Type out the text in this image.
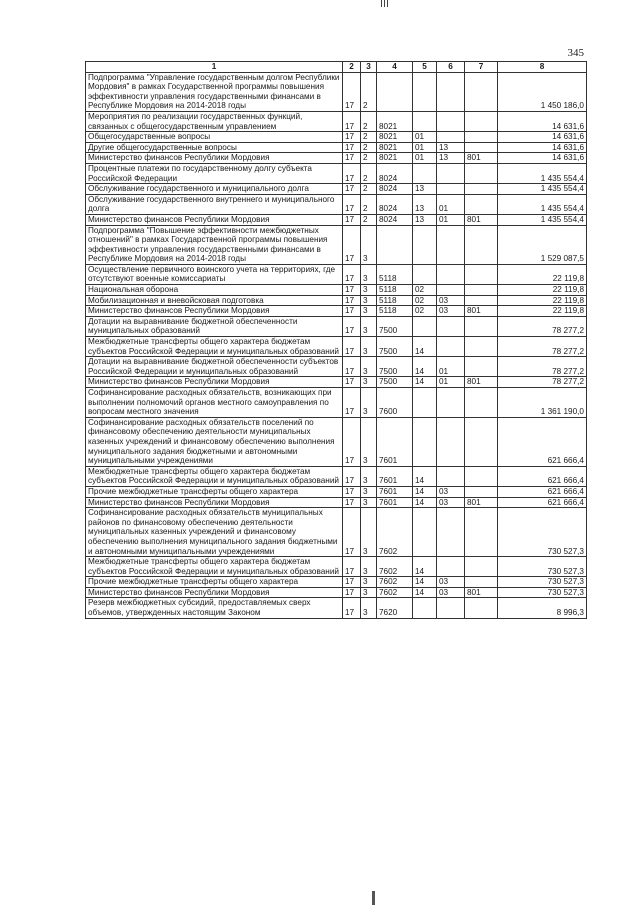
345
1	2	3	4	5	6	7	8
Подпрограмма "Управление государственным долгом Республики Мордовия" в рамках Государственной программы повышения эффективности управления государственными финансами в Республике Мордовия на 2014-2018 годы	17	2					1 450 186,0
Мероприятия по реализации государственных функций, связанных с общегосударственным управлением	17	2	8021				14 631,6
Общегосударственные вопросы	17	2	8021	01			14 631,6
Другие общегосударственные вопросы	17	2	8021	01	13		14 631,6
Министерство финансов Республики Мордовия	17	2	8021	01	13	801	14 631,6
Процентные платежи по государственному долгу субъекта Российской Федерации	17	2	8024				1 435 554,4
Обслуживание государственного и муниципального долга	17	2	8024	13			1 435 554,4
Обслуживание государственного внутреннего и муниципального долга	17	2	8024	13	01		1 435 554,4
Министерство финансов Республики Мордовия	17	2	8024	13	01	801	1 435 554,4
Подпрограмма "Повышение эффективности межбюджетных отношений" в рамках Государственной программы повышения эффективности управления государственными финансами в Республике Мордовия на 2014-2018 годы	17	3					1 529 087,5
Осуществление первичного воинского учета на территориях, где отсутствуют военные комиссариаты	17	3	5118				22 119,8
Национальная оборона	17	3	5118	02			22 119,8
Мобилизационная и вневойсковая подготовка	17	3	5118	02	03		22 119,8
Министерство финансов Республики Мордовия	17	3	5118	02	03	801	22 119,8
Дотации на выравнивание бюджетной обеспеченности муниципальных образований	17	3	7500				78 277,2
Межбюджетные трансферты общего характера бюджетам субъектов Российской Федерации и муниципальных образований	17	3	7500	14			78 277,2
Дотации на выравнивание бюджетной обеспеченности субъектов Российской Федерации и муниципальных образований	17	3	7500	14	01		78 277,2
Министерство финансов Республики Мордовия	17	3	7500	14	01	801	78 277,2
Софинансирование расходных обязательств, возникающих при выполнении полномочий органов местного самоуправления по вопросам местного значения	17	3	7600				1 361 190,0
Софинансирование расходных обязательств поселений по финансовому обеспечению деятельности муниципальных казенных учреждений и финансовому обеспечению выполнения муниципального задания бюджетными и автономными муниципальными учреждениями	17	3	7601				621 666,4
Межбюджетные трансферты общего характера бюджетам субъектов Российской Федерации и муниципальных образований	17	3	7601	14			621 666,4
Прочие межбюджетные трансферты общего характера	17	3	7601	14	03		621 666,4
Министерство финансов Республики Мордовия	17	3	7601	14	03	801	621 666,4
Софинансирование расходных обязательств муниципальных районов по финансовому обеспечению деятельности муниципальных казенных учреждений и финансовому обеспечению выполнения муниципального задания бюджетными и автономными муниципальными учреждениями	17	3	7602				730 527,3
Межбюджетные трансферты общего характера бюджетам субъектов Российской Федерации и муниципальных образований	17	3	7602	14			730 527,3
Прочие межбюджетные трансферты общего характера	17	3	7602	14	03		730 527,3
Министерство финансов Республики Мордовия	17	3	7602	14	03	801	730 527,3
Резерв межбюджетных субсидий, предоставляемых сверх объемов, утвержденных настоящим Законом	17	3	7620				8 996,3
